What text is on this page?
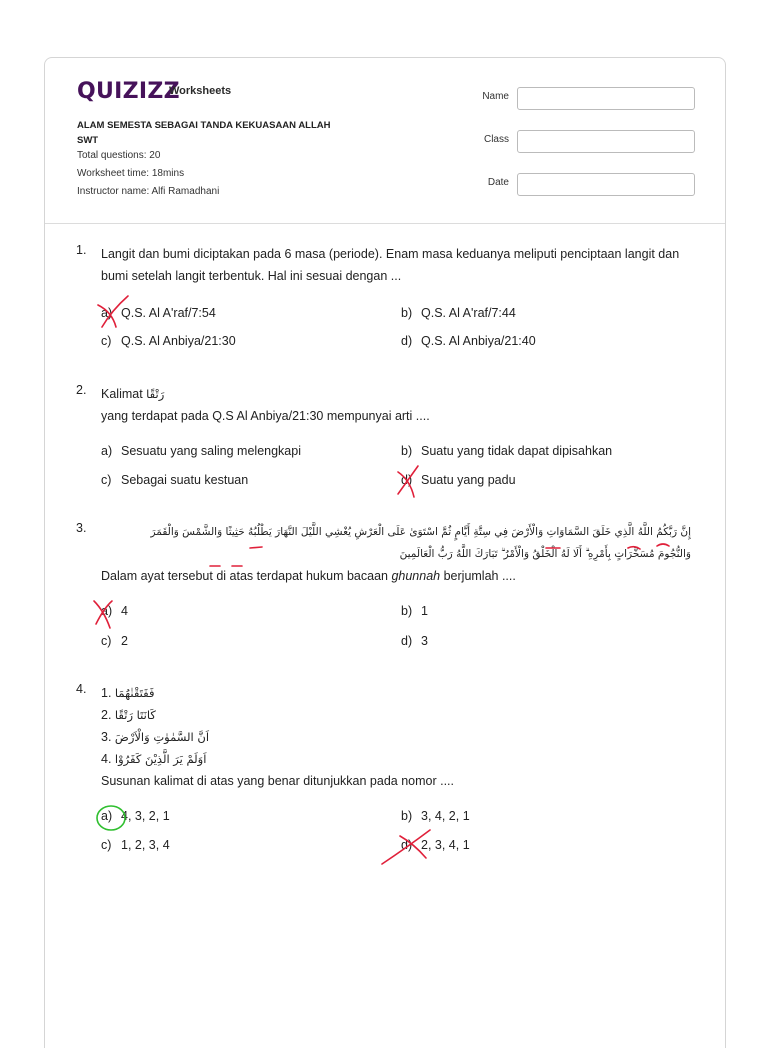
QUIZIZZ
Worksheets
ALAM SEMESTA SEBAGAI TANDA KEKUASAAN ALLAH SWT
Total questions: 20
Worksheet time: 18mins
Instructor name: Alfi Ramadhani
Name
Class
Date
1. Langit dan bumi diciptakan pada 6 masa (periode). Enam masa keduanya meliputi penciptaan langit dan bumi setelah langit terbentuk. Hal ini sesuai dengan ...
a) Q.S. Al A'raf/7:54	b) Q.S. Al A'raf/7:44
c) Q.S. Al Anbiya/21:30	d) Q.S. Al Anbiya/21:40
2. Kalimat رَتْقًا
yang terdapat pada Q.S Al Anbiya/21:30 mempunyai arti ....
a) Sesuatu yang saling melengkapi	b) Suatu yang tidak dapat dipisahkan
c) Sebagai suatu kestuan	d) Suatu yang padu
3.	إِنَّ رَبَّكُمُ اللَّهُ الَّذِي خَلَقَ السَّمَاوَاتِ وَالْأَرْضَ فِي سِتَّةِ أَيَّامٍ ثُمَّ اسْتَوَىٰ عَلَى الْعَرْشِ يُغْشِي اللَّيْلَ النَّهَارَ يَطْلُبُهُ حَثِيثًا وَالشَّمْسَ وَالْقَمَرَ
وَالنُّجُومَ مُسَخَّرَاتٍ بِأَمْرِهِ ۗ أَلَا لَهُ الْخَلْقُ وَالْأَمْرُ ۗ تَبَارَكَ اللَّهُ رَبُّ الْعَالَمِينَ
Dalam ayat tersebut di atas terdapat hukum bacaan ghunnah berjumlah ....
a) 4	b) 1
c) 2	d) 3
4. 1. فَفَتَقْنٰهُمَا
2. كَانَتَا رَتْقًا
3. اَنَّ السَّمٰوٰتِ وَالْاَرْضَ
4. اَوَلَمْ يَرَ الَّذِيْنَ كَفَرُوْا
Susunan kalimat di atas yang benar ditunjukkan pada nomor ....
a) 4, 3, 2, 1	b) 3, 4, 2, 1
c) 1, 2, 3, 4	d) 2, 3, 4, 1
